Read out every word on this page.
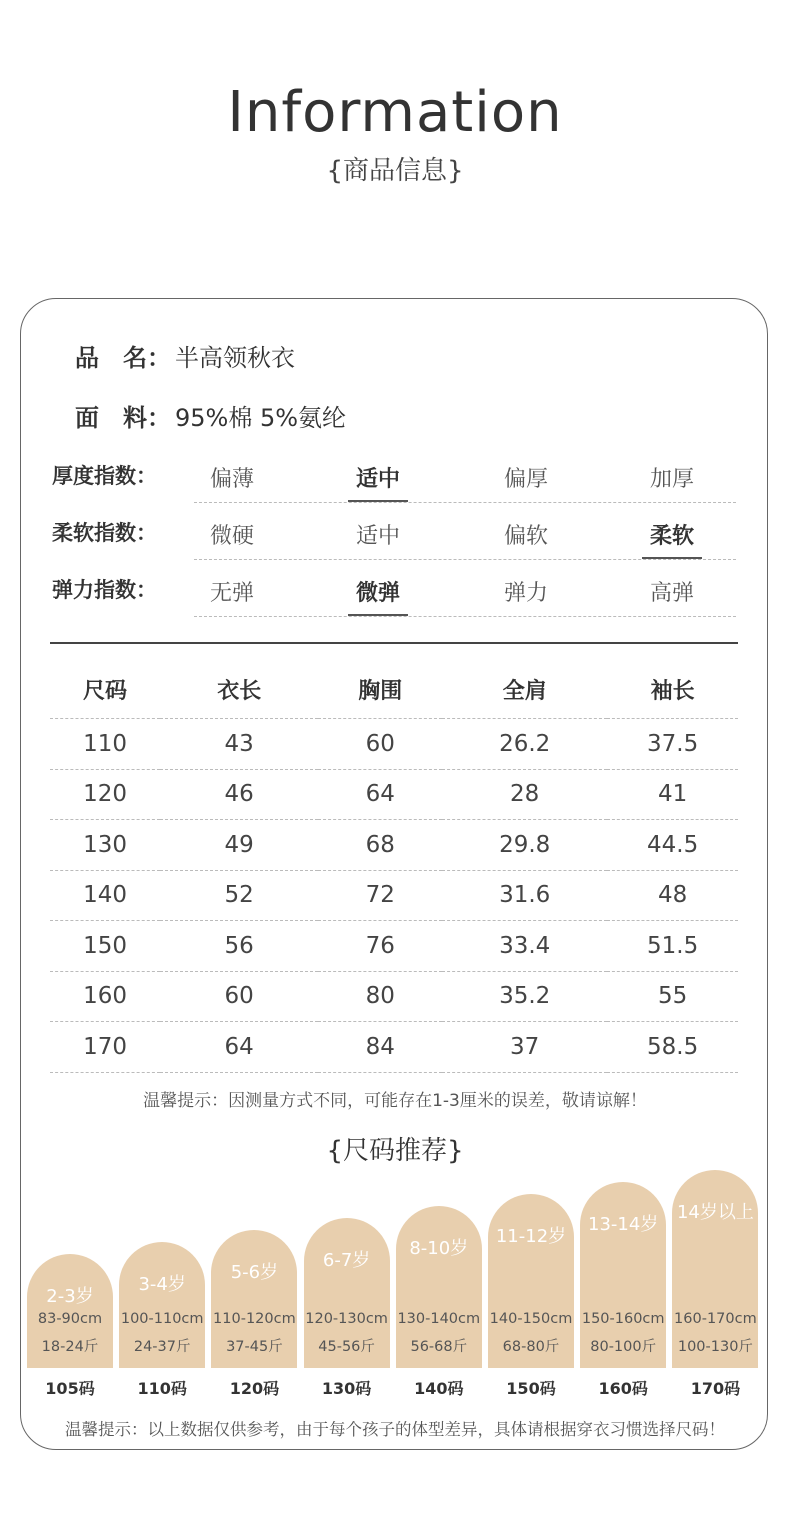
Information
{商品信息}
品　名： 半高领秋衣
面　料： 95%棉 5%氨纶
厚度指数：	偏薄	适中	偏厚	加厚
柔软指数：	微硬	适中	偏软	柔软
弹力指数：	无弹	微弹	弹力	高弹
尺码	衣长	胸围	全肩	袖长
110	43	60	26.2	37.5
120	46	64	28	41
130	49	68	29.8	44.5
140	52	72	31.6	48
150	56	76	33.4	51.5
160	60	80	35.2	55
170	64	84	37	58.5
温馨提示：因测量方式不同，可能存在1-3厘米的误差，敬请谅解！
{尺码推荐}
2-3岁
83-90cm
18-24斤
105码
3-4岁
100-110cm
24-37斤
110码
5-6岁
110-120cm
37-45斤
120码
6-7岁
120-130cm
45-56斤
130码
8-10岁
130-140cm
56-68斤
140码
11-12岁
140-150cm
68-80斤
150码
13-14岁
150-160cm
80-100斤
160码
14岁以上
160-170cm
100-130斤
170码
温馨提示：以上数据仅供参考，由于每个孩子的体型差异，具体请根据穿衣习惯选择尺码！
